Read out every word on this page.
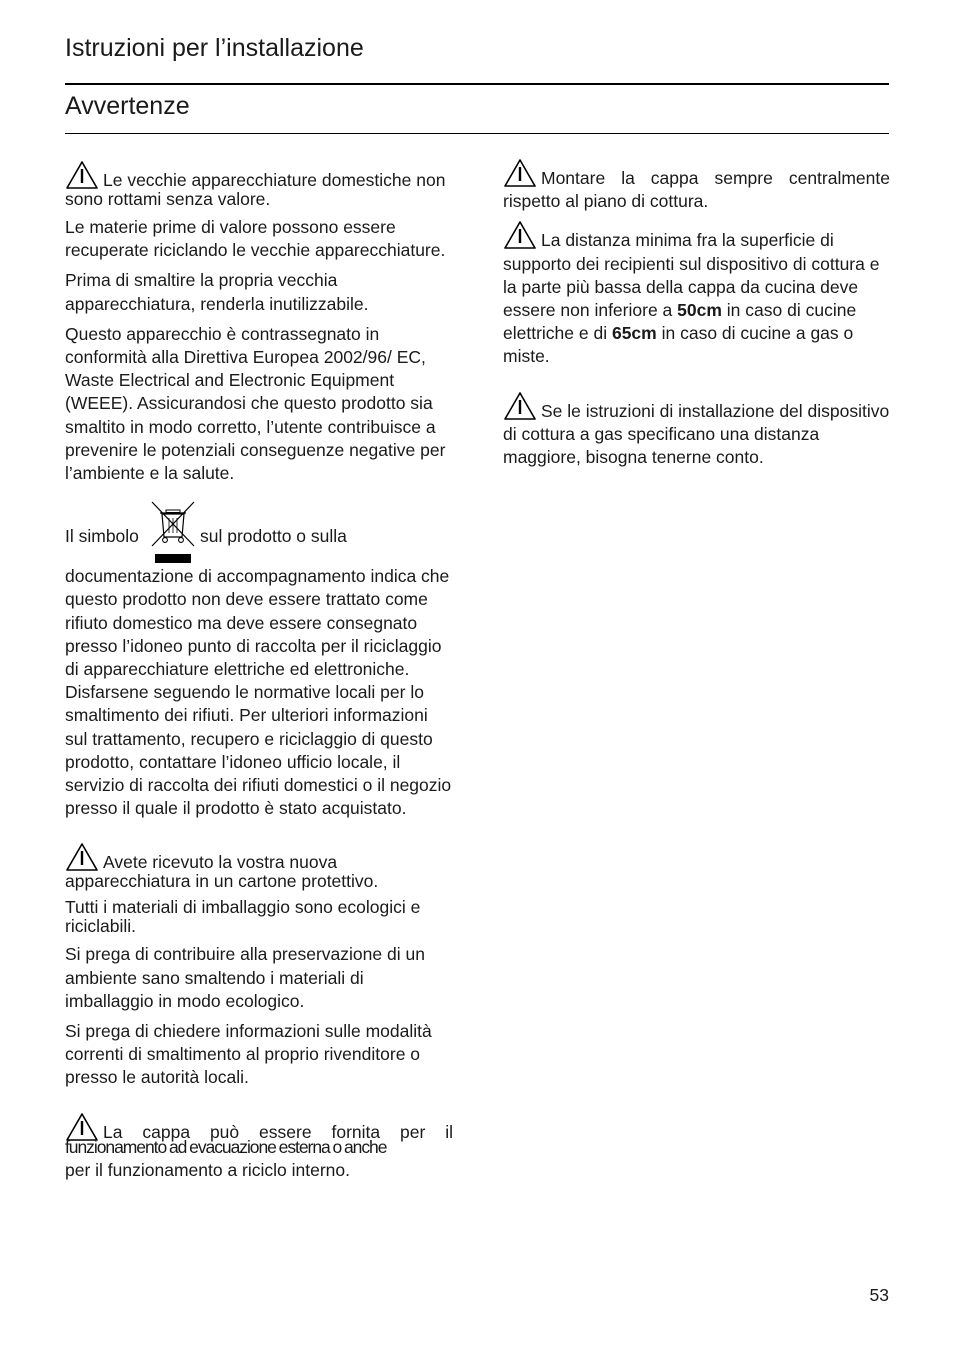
Istruzioni per l’installazione
Avvertenze

Le vecchie apparecchiature domestiche non sono rottami senza valore.

Le materie prime di valore possono essere recuperate riciclando le vecchie apparecchiature.

Prima di smaltire la propria vecchia apparecchiatura, renderla inutilizzabile.

Questo apparecchio è contrassegnato in conformità alla Direttiva Europea 2002/96/ EC, Waste Electrical and Electronic Equipment (WEEE). Assicurandosi che questo prodotto sia smaltito in modo corretto, l’utente contribuisce a prevenire le potenziali conseguenze negative per l’ambiente e la salute.

Il simbolo	sul prodotto o sulla

documentazione di accompagnamento indica che questo prodotto non deve essere trattato come rifiuto domestico ma deve essere consegnato presso l’idoneo punto di raccolta per il riciclaggio di apparecchiature elettriche ed elettroniche. Disfarsene seguendo le normative locali per lo smaltimento dei rifiuti. Per ulteriori informazioni sul trattamento, recupero e riciclaggio di questo prodotto, contattare l’idoneo ufficio locale, il servizio di raccolta dei rifiuti domestici o il negozio presso il quale il prodotto è stato acquistato.

Avete ricevuto la vostra nuova apparecchiatura in un cartone protettivo.

Tutti i materiali di imballaggio sono ecologici e riciclabili.

Si prega di contribuire alla preservazione di un ambiente sano smaltendo i materiali di imballaggio in modo ecologico.

Si prega di chiedere informazioni sulle modalità correnti di smaltimento al proprio rivenditore o presso le autorità locali.

La cappa può essere fornita per il
funzionamento ad evacuazione esterna o anche
per il funzionamento a riciclo interno.

Montare la cappa sempre centralmente rispetto al piano di cottura.

La distanza minima fra la superficie di supporto dei recipienti sul dispositivo di cottura e la parte più bassa della cappa da cucina deve essere non inferiore a 50cm in caso di cucine elettriche e di 65cm in caso di cucine a gas o miste.

Se le istruzioni di installazione del dispositivo di cottura a gas specificano una distanza maggiore, bisogna tenerne conto.

53
